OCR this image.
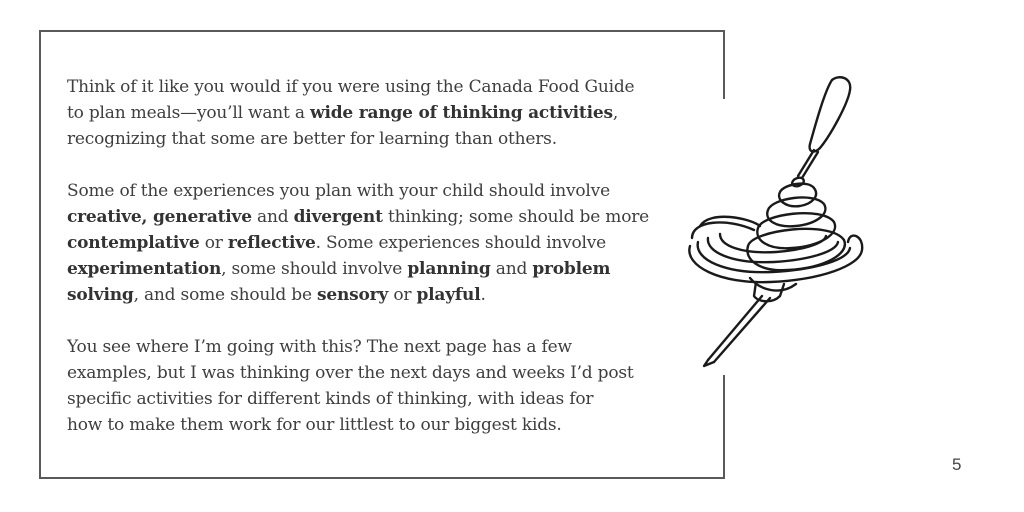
Think of it like you would if you were using the Canada Food Guide
to plan meals—you’ll want a wide range of thinking activities,
recognizing that some are better for learning than others.

Some of the experiences you plan with your child should involve
creative, generative and divergent thinking; some should be more
contemplative or reflective. Some experiences should involve
experimentation, some should involve planning and problem
solving, and some should be sensory or playful.

You see where I’m going with this? The next page has a few
examples, but I was thinking over the next days and weeks I’d post
specific activities for different kinds of thinking, with ideas for
how to make them work for our littlest to our biggest kids.

5
